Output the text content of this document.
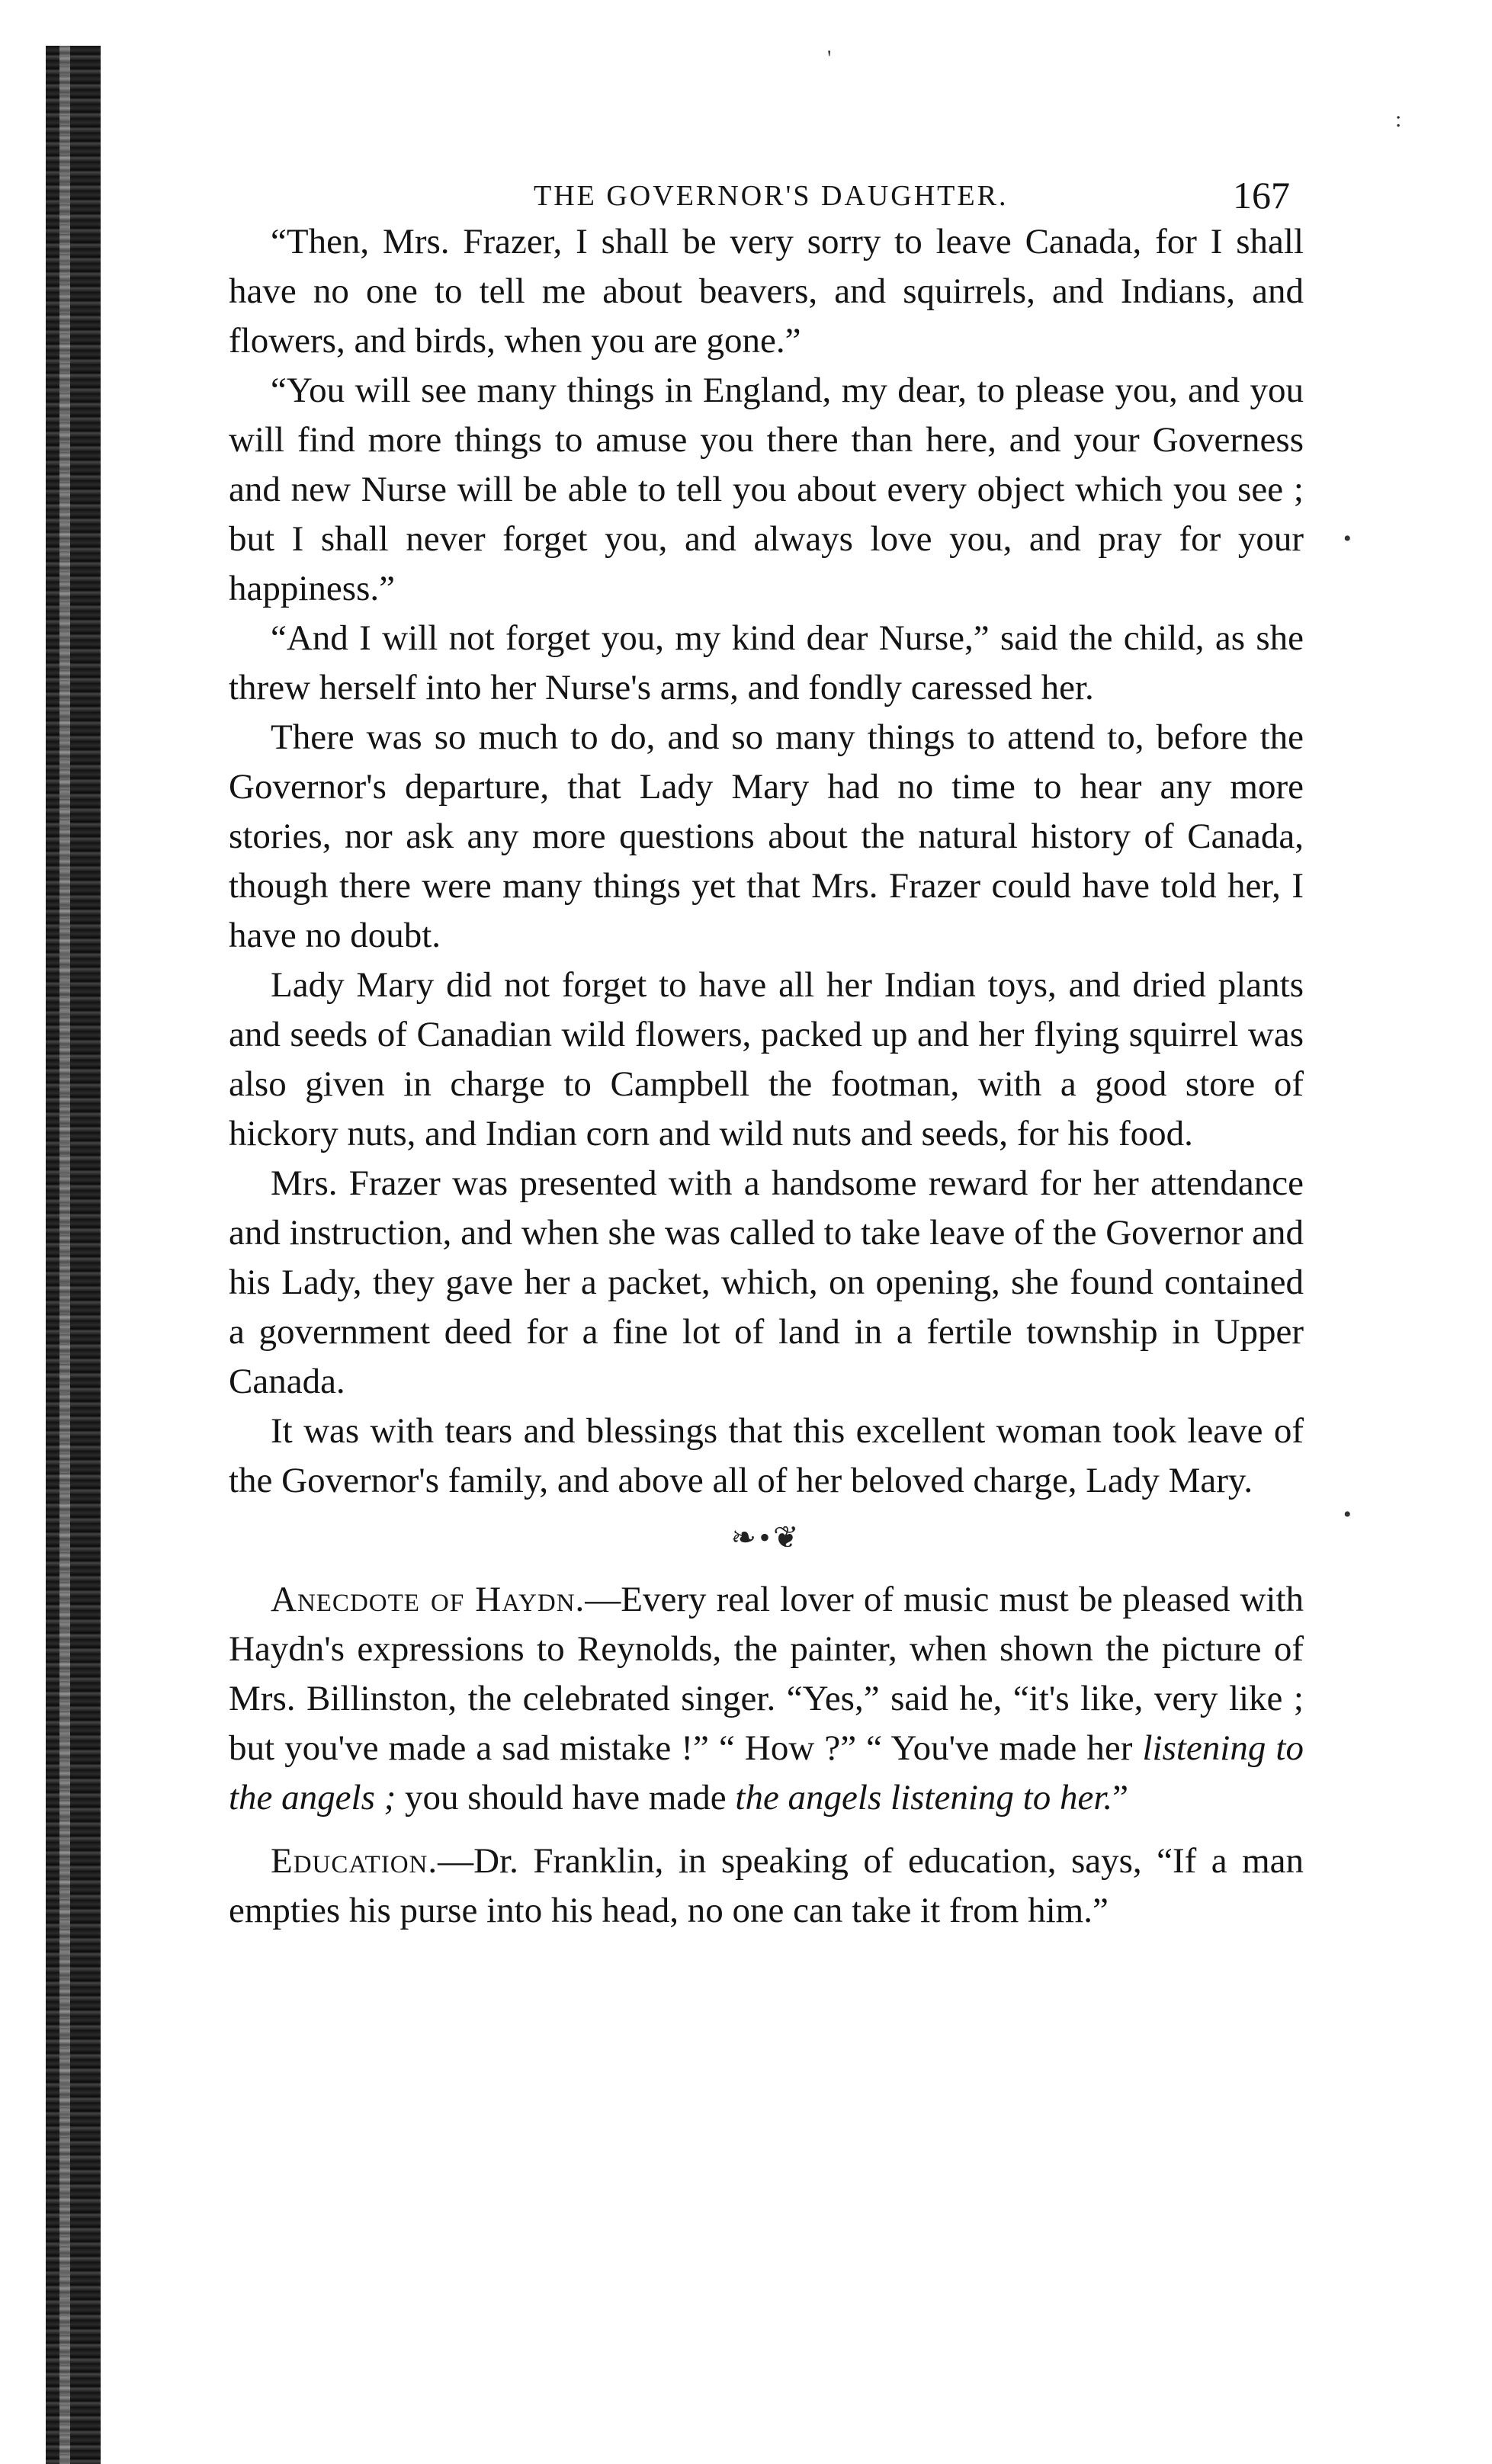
'
:
•
•
THE GOVERNOR'S DAUGHTER.	167

“Then, Mrs. Frazer, I shall be very sorry to leave Canada, for I shall have no one to tell me about beavers, and squirrels, and Indians, and flowers, and birds, when you are gone.”

“You will see many things in England, my dear, to please you, and you will find more things to amuse you there than here, and your Governess and new Nurse will be able to tell you about every object which you see ; but I shall never forget you, and always love you, and pray for your happiness.”

“And I will not forget you, my kind dear Nurse,” said the child, as she threw herself into her Nurse's arms, and fondly caressed her.

There was so much to do, and so many things to attend to, before the Governor's departure, that Lady Mary had no time to hear any more stories, nor ask any more questions about the natural history of Canada, though there were many things yet that Mrs. Frazer could have told her, I have no doubt.

Lady Mary did not forget to have all her Indian toys, and dried plants and seeds of Canadian wild flowers, packed up and her flying squirrel was also given in charge to Campbell the footman, with a good store of hickory nuts, and Indian corn and wild nuts and seeds, for his food.

Mrs. Frazer was presented with a handsome reward for her attendance and instruction, and when she was called to take leave of the Governor and his Lady, they gave her a packet, which, on opening, she found contained a government deed for a fine lot of land in a fertile township in Upper Canada.

It was with tears and blessings that this excellent woman took leave of the Governor's family, and above all of her beloved charge, Lady Mary.

❧•❦

Anecdote of Haydn.—Every real lover of music must be pleased with Haydn's expressions to Reynolds, the painter, when shown the picture of Mrs. Billinston, the celebrated singer. “Yes,” said he, “it's like, very like ; but you've made a sad mistake !” “ How ?” “ You've made her listening to the angels ; you should have made the angels listening to her.”

Education.—Dr. Franklin, in speaking of education, says, “If a man empties his purse into his head, no one can take it from him.”
